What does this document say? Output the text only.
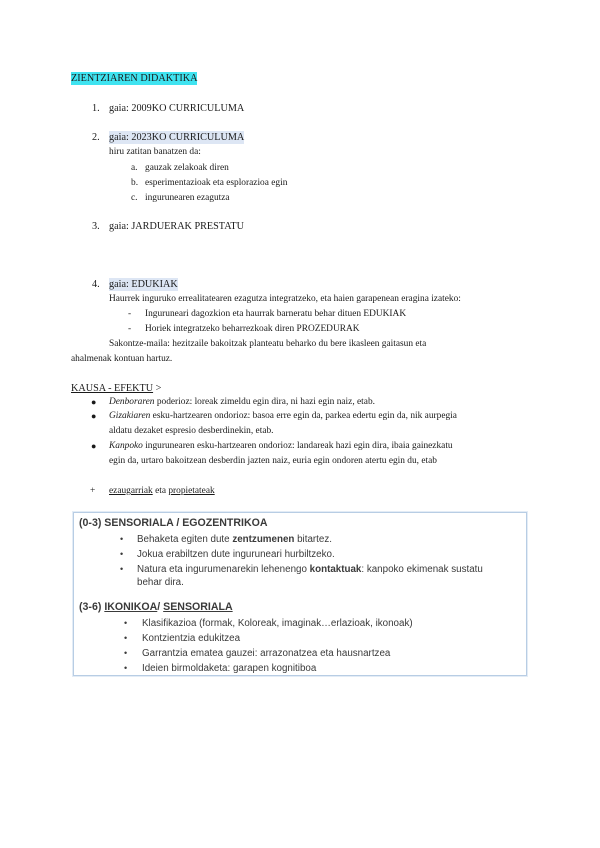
ZIENTZIAREN DIDAKTIKA
1. gaia: 2009KO CURRICULUMA
2. gaia: 2023KO CURRICULUMA
hiru zatitan banatzen da:
a. gauzak zelakoak diren
b. esperimentazioak eta esplorazioa egin
c. ingurunearen ezagutza
3. gaia: JARDUERAK PRESTATU
4. gaia: EDUKIAK
Haurrek inguruko errealitatearen ezagutza integratzeko, eta haien garapenean eragina izateko:
- Inguruneari dagozkion eta haurrak barneratu behar dituen EDUKIAK
- Horiek integratzeko beharrezkoak diren PROZEDURAK
Sakontze-maila: hezitzaile bakoitzak planteatu beharko du bere ikasleen gaitasun eta
ahalmenak kontuan hartuz.
KAUSA - EFEKTU >
● Denboraren poderioz: loreak zimeldu egin dira, ni hazi egin naiz, etab.
● Gizakiaren esku-hartzearen ondorioz: basoa erre egin da, parkea edertu egin da, nik aurpegia
aldatu dezaket espresio desberdinekin, etab.
● Kanpoko ingurunearen esku-hartzearen ondorioz: landareak hazi egin dira, ibaia gainezkatu
egin da, urtaro bakoitzean desberdin jazten naiz, euria egin ondoren atertu egin du, etab
+ ezaugarriak eta propietateak
(0-3) SENSORIALA / EGOZENTRIKOA
• Behaketa egiten dute zentzumenen bitartez.
• Jokua erabiltzen dute inguruneari hurbiltzeko.
• Natura eta ingurumenarekin lehenengo kontaktuak: kanpoko ekimenak sustatu
behar dira.
(3-6) IKONIKOA/ SENSORIALA
• Klasifikazioa (formak, Koloreak, imaginak…erlazioak, ikonoak)
• Kontzientzia edukitzea
• Garrantzia ematea gauzei: arrazonatzea eta hausnartzea
• Ideien birmoldaketa: garapen kognitiboa
